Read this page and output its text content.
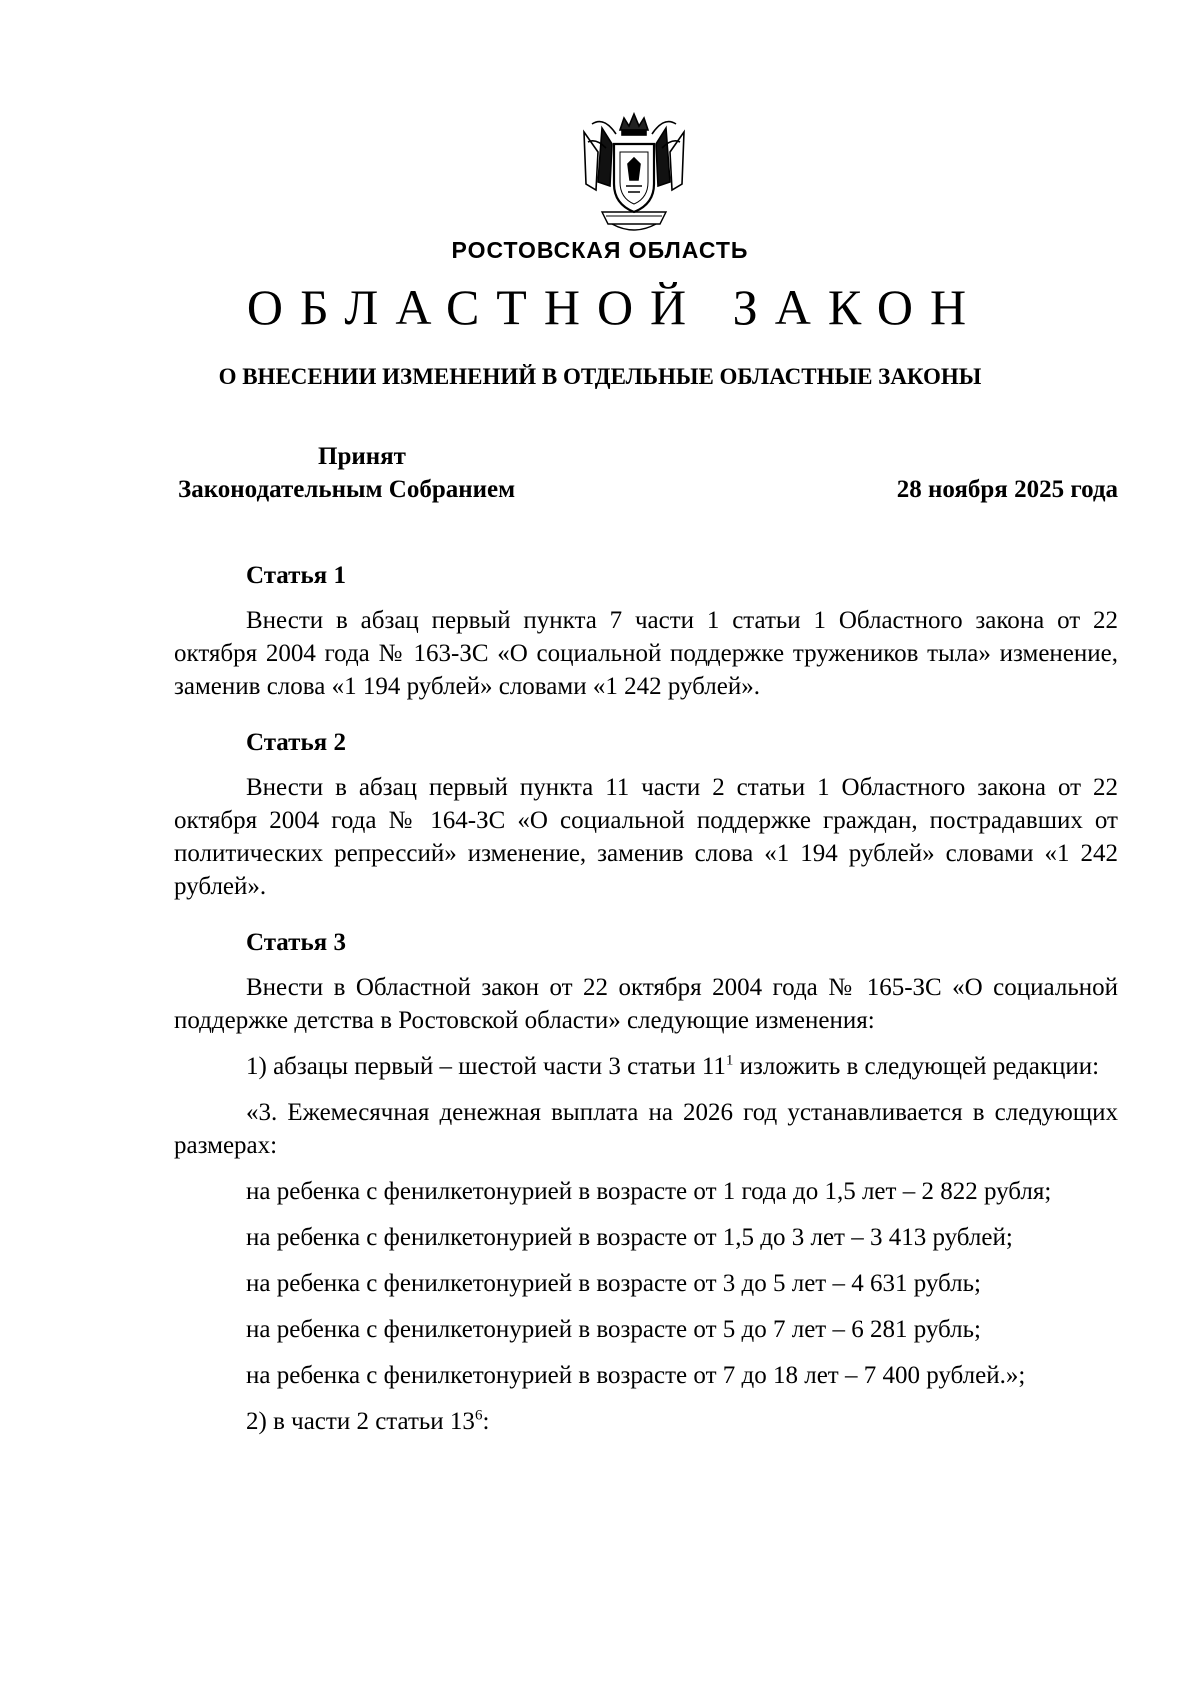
РОСТОВСКАЯ ОБЛАСТЬ
ОБЛАСТНОЙ ЗАКОН
О ВНЕСЕНИИ ИЗМЕНЕНИЙ В ОТДЕЛЬНЫЕ ОБЛАСТНЫЕ ЗАКОНЫ
Принят
Законодательным Собранием	28 ноября 2025 года
Статья 1

Внести в абзац первый пункта 7 части 1 статьи 1 Областного закона от 22 октября 2004 года № 163-ЗС «О социальной поддержке тружеников тыла» изменение, заменив слова «1 194 рублей» словами «1 242 рублей».

Статья 2

Внести в абзац первый пункта 11 части 2 статьи 1 Областного закона от 22 октября 2004 года № 164-ЗС «О социальной поддержке граждан, пострадавших от политических репрессий» изменение, заменив слова «1 194 рублей» словами «1 242 рублей».

Статья 3

Внести в Областной закон от 22 октября 2004 года № 165-ЗС «О социальной поддержке детства в Ростовской области» следующие изменения:

1) абзацы первый – шестой части 3 статьи $11^1$ изложить в следующей редакции:

«3. Ежемесячная денежная выплата на 2026 год устанавливается в следующих размерах:

на ребенка с фенилкетонурией в возрасте от 1 года до 1,5 лет – 2 822 рубля;

на ребенка с фенилкетонурией в возрасте от 1,5 до 3 лет – 3 413 рублей;

на ребенка с фенилкетонурией в возрасте от 3 до 5 лет – 4 631 рубль;

на ребенка с фенилкетонурией в возрасте от 5 до 7 лет – 6 281 рубль;

на ребенка с фенилкетонурией в возрасте от 7 до 18 лет – 7 400 рублей.»;

2) в части 2 статьи $13^6$:
